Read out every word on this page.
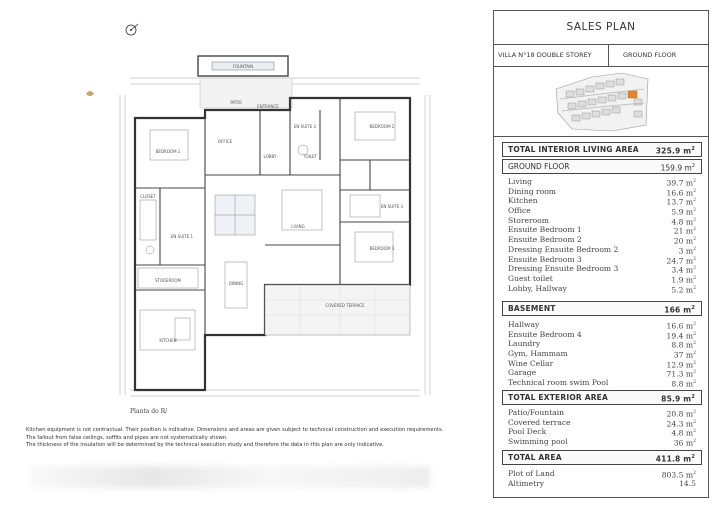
FOUNTAIN
PATIO
COVERED TERRACE
BEDROOM 1
BEDROOM 2
BEDROOM 3
OFFICE
LOBBY
LIVING
DINING
KITCHEN
STOREROOM
EN SUITE 1
EN SUITE 2
EN SUITE 3
CLOSET
TOILET
ENTRANCE
Planta do R/
Kitchen equipment is not contractual. Their position is indicative. Dimensions and areas are given subject to technical construction and execution requirements.
The fallout from false ceilings, soffits and pipes are not systematically shown.
The thickness of the insulation will be determined by the technical execution study and therefore the data in this plan are only indicative.
SALES PLAN
VILLA N°18 DOUBLE STOREY	GROUND FLOOR
TOTAL INTERIOR LIVING AREA 325.9 $m^2$
GROUND FLOOR	159.9 $m^2$
Living	39.7 $m^2$
Dining room	16.6 $m^2$
Kitchen	13.7 $m^2$
Office	5.9 $m^2$
Storeroom	4.8 $m^2$
Ensuite Bedroom 1	21 $m^2$
Ensuite Bedroom 2	20 $m^2$
Dressing Ensuite Bedroom 2	3 $m^2$
Ensuite Bedroom 3	24.7 $m^2$
Dressing Ensuite Bedroom 3	3.4 $m^2$
Guest toilet	1.9 $m^2$
Lobby, Hallway	5.2 $m^2$
BASEMENT	166 $m^2$
Hallway	16.6 $m^2$
Ensuite Bedroom 4	19.4 $m^2$
Laundry	8.8 $m^2$
Gym, Hammam	37 $m^2$
Wine Cellar	12.9 $m^2$
Garage	71.3 $m^2$
Technical room swim Pool	8.8 $m^2$
TOTAL EXTERIOR AREA	85.9 $m^2$
Patio/Fountain	20.8 $m^2$
Covered terrace	24.3 $m^2$
Pool Deck	4.8 $m^2$
Swimming pool	36 $m^2$
TOTAL AREA	411.8 $m^2$
Plot of Land	803.5 $m^2$
Altimetry	14.5
